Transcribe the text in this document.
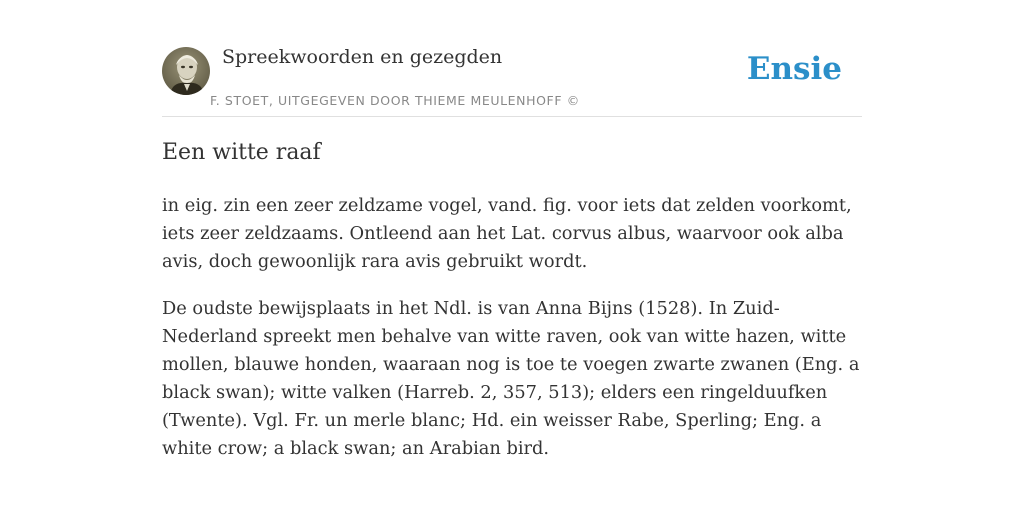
Spreekwoorden en gezegden
F. STOET, UITGEGEVEN DOOR THIEME MEULENHOFF ©
Ensie
Een witte raaf

in eig. zin een zeer zeldzame vogel, vand. fig. voor iets dat zelden voorkomt, iets zeer zeldzaams. Ontleend aan het Lat. corvus albus, waarvoor ook alba avis, doch gewoonlijk rara avis gebruikt wordt.

De oudste bewijsplaats in het Ndl. is van Anna Bijns (1528). In Zuid-Nederland spreekt men behalve van witte raven, ook van witte hazen, witte mollen, blauwe honden, waaraan nog is toe te voegen zwarte zwanen (Eng. a black swan); witte valken (Harreb. 2, 357, 513); elders een ringelduufken (Twente). Vgl. Fr. un merle blanc; Hd. ein weisser Rabe, Sperling; Eng. a white crow; a black swan; an Arabian bird.
